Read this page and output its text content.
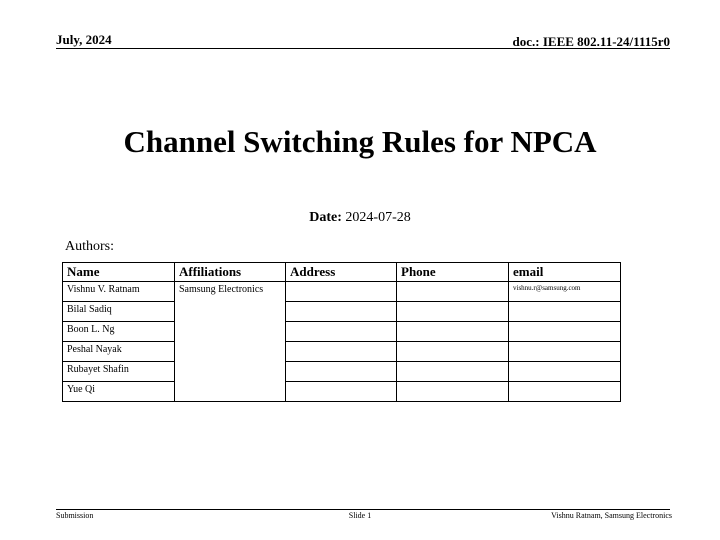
July, 2024	doc.: IEEE 802.11-24/1115r0
Channel Switching Rules for NPCA
Date: 2024-07-28
Authors:
Name	Affiliations	Address	Phone	email
Vishnu V. Ratnam	Samsung Electronics			vishnu.r@samsung.com
Bilal Sadiq				
Boon L. Ng				
Peshal Nayak				
Rubayet Shafin				
Yue Qi				
Submission	Slide 1	Vishnu Ratnam, Samsung Electronics
